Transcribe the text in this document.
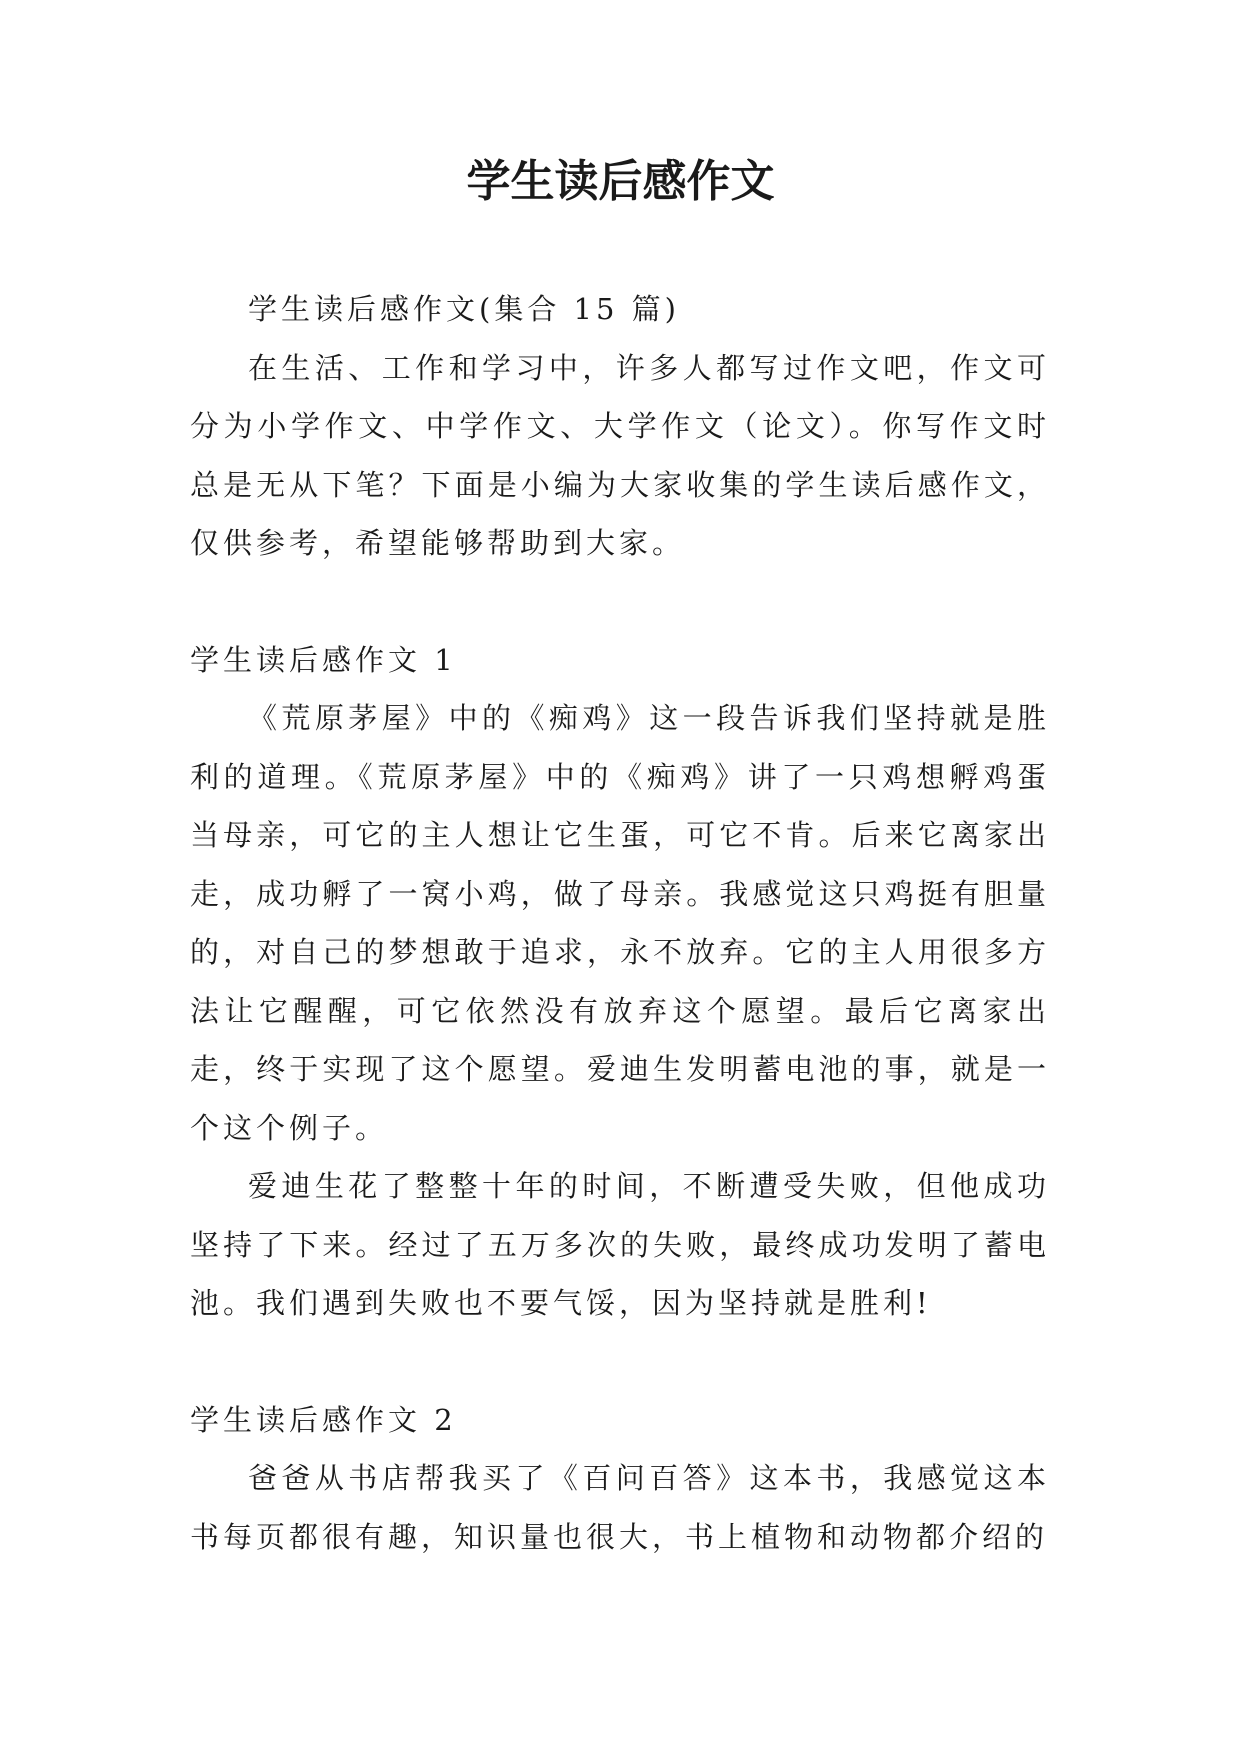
学生读后感作文

学生读后感作文(集合 15 篇)

在生活、工作和学习中，许多人都写过作文吧，作文可分为小学作文、中学作文、大学作文（论文）。你写作文时总是无从下笔？下面是小编为大家收集的学生读后感作文，仅供参考，希望能够帮助到大家。

学生读后感作文 1

《荒原茅屋》中的《痴鸡》这一段告诉我们坚持就是胜利的道理。《荒原茅屋》中的《痴鸡》讲了一只鸡想孵鸡蛋当母亲，可它的主人想让它生蛋，可它不肯。后来它离家出走，成功孵了一窝小鸡，做了母亲。我感觉这只鸡挺有胆量的，对自己的梦想敢于追求，永不放弃。它的主人用很多方法让它醒醒，可它依然没有放弃这个愿望。最后它离家出走，终于实现了这个愿望。爱迪生发明蓄电池的事，就是一个这个例子。

爱迪生花了整整十年的时间，不断遭受失败，但他成功坚持了下来。经过了五万多次的失败，最终成功发明了蓄电池。我们遇到失败也不要气馁，因为坚持就是胜利!

学生读后感作文 2

爸爸从书店帮我买了《百问百答》这本书，我感觉这本书每页都很有趣，知识量也很大，书上植物和动物都介绍的
